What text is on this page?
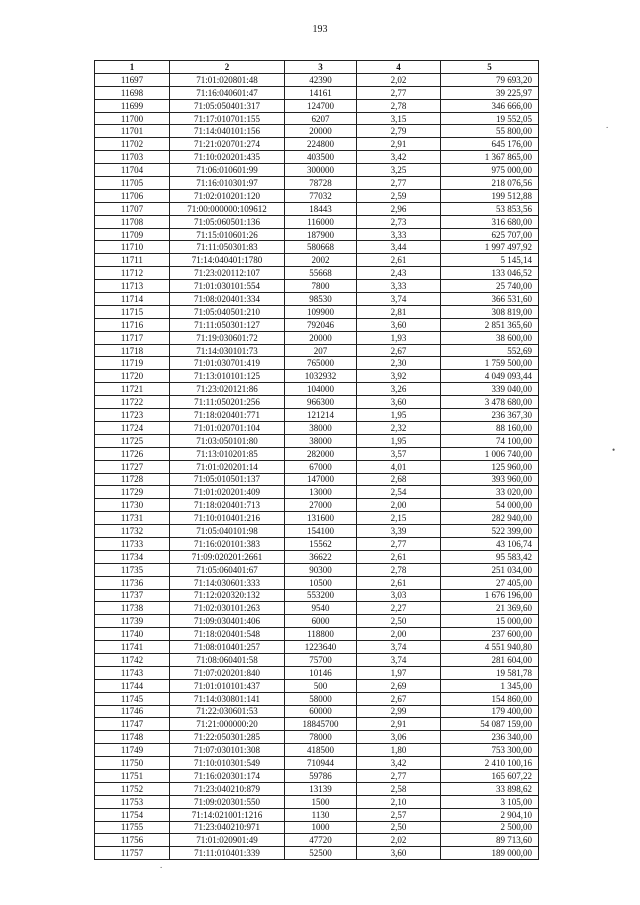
193
1	2	3	4	5
11697	71:01:020801:48	42390	2,02	79 693,20
11698	71:16:040601:47	14161	2,77	39 225,97
11699	71:05:050401:317	124700	2,78	346 666,00
11700	71:17:010701:155	6207	3,15	19 552,05
11701	71:14:040101:156	20000	2,79	55 800,00
11702	71:21:020701:274	224800	2,91	645 176,00
11703	71:10:020201:435	403500	3,42	1 367 865,00
11704	71:06:010601:99	300000	3,25	975 000,00
11705	71:16:010301:97	78728	2,77	218 076,56
11706	71:02:010201:120	77032	2,59	199 512,88
11707	71:00:000000:109612	18443	2,96	53 853,56
11708	71:05:060501:136	116000	2,73	316 680,00
11709	71:15:010601:26	187900	3,33	625 707,00
11710	71:11:050301:83	580668	3,44	1 997 497,92
11711	71:14:040401:1780	2002	2,61	5 145,14
11712	71:23:020112:107	55668	2,43	133 046,52
11713	71:01:030101:554	7800	3,33	25 740,00
11714	71:08:020401:334	98530	3,74	366 531,60
11715	71:05:040501:210	109900	2,81	308 819,00
11716	71:11:050301:127	792046	3,60	2 851 365,60
11717	71:19:030601:72	20000	1,93	38 600,00
11718	71:14:030101:73	207	2,67	552,69
11719	71:01:030701:419	765000	2,30	1 759 500,00
11720	71:13:010101:125	1032932	3,92	4 049 093,44
11721	71:23:020121:86	104000	3,26	339 040,00
11722	71:11:050201:256	966300	3,60	3 478 680,00
11723	71:18:020401:771	121214	1,95	236 367,30
11724	71:01:020701:104	38000	2,32	88 160,00
11725	71:03:050101:80	38000	1,95	74 100,00
11726	71:13:010201:85	282000	3,57	1 006 740,00
11727	71:01:020201:14	67000	4,01	125 960,00
11728	71:05:010501:137	147000	2,68	393 960,00
11729	71:01:020201:409	13000	2,54	33 020,00
11730	71:18:020401:713	27000	2,00	54 000,00
11731	71:10:010401:216	131600	2,15	282 940,00
11732	71:05:040101:98	154100	3,39	522 399,00
11733	71:16:020101:383	15562	2,77	43 106,74
11734	71:09:020201:2661	36622	2,61	95 583,42
11735	71:05:060401:67	90300	2,78	251 034,00
11736	71:14:030601:333	10500	2,61	27 405,00
11737	71:12:020320:132	553200	3,03	1 676 196,00
11738	71:02:030101:263	9540	2,27	21 369,60
11739	71:09:030401:406	6000	2,50	15 000,00
11740	71:18:020401:548	118800	2,00	237 600,00
11741	71:08:010401:257	1223640	3,74	4 551 940,80
11742	71:08:060401:58	75700	3,74	281 604,00
11743	71:07:020201:840	10146	1,97	19 581,78
11744	71:01:010101:437	500	2,69	1 345,00
11745	71:14:030801:141	58000	2,67	154 860,00
11746	71:22:030601:53	60000	2,99	179 400,00
11747	71:21:000000:20	18845700	2,91	54 087 159,00
11748	71:22:050301:285	78000	3,06	236 340,00
11749	71:07:030101:308	418500	1,80	753 300,00
11750	71:10:010301:549	710944	3,42	2 410 100,16
11751	71:16:020301:174	59786	2,77	165 607,22
11752	71:23:040210:879	13139	2,58	33 898,62
11753	71:09:020301:550	1500	2,10	3 105,00
11754	71:14:021001:1216	1130	2,57	2 904,10
11755	71:23:040210:971	1000	2,50	2 500,00
11756	71:01:020901:49	47720	2,02	89 713,60
11757	71:11:010401:339	52500	3,60	189 000,00
.
•
.
